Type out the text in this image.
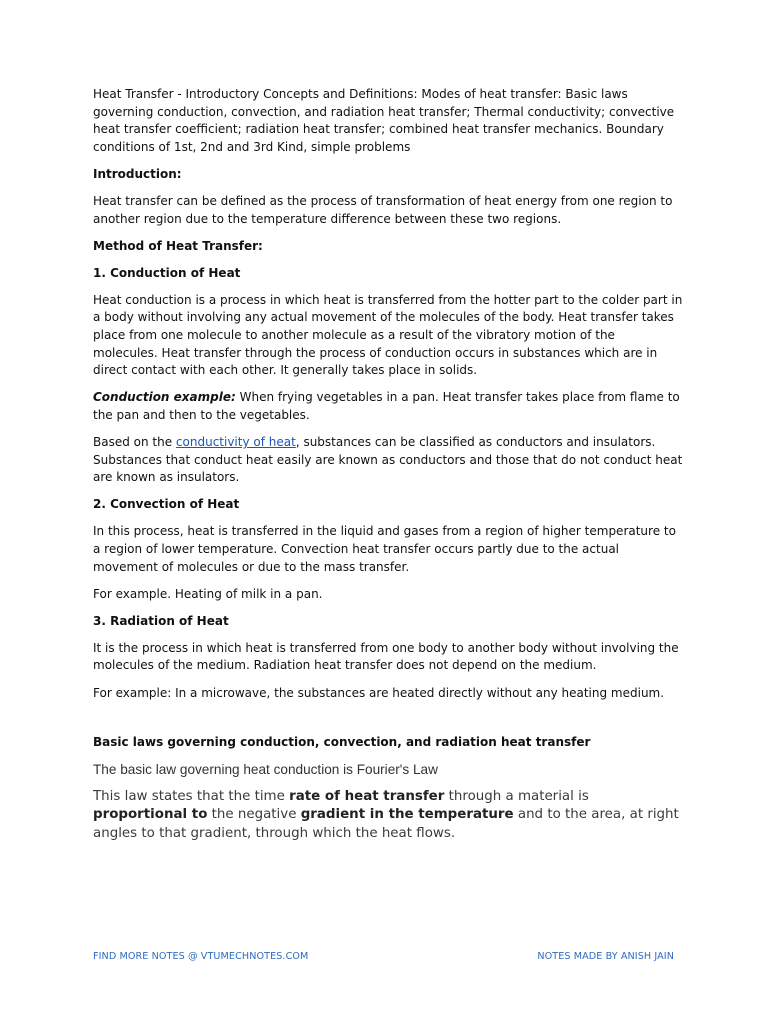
Heat Transfer - Introductory Concepts and Definitions: Modes of heat transfer: Basic laws governing conduction, convection, and radiation heat transfer; Thermal conductivity; convective heat transfer coefficient; radiation heat transfer; combined heat transfer mechanics. Boundary conditions of 1st, 2nd and 3rd Kind, simple problems

Introduction:

Heat transfer can be defined as the process of transformation of heat energy from one region to another region due to the temperature difference between these two regions.

Method of Heat Transfer:

1. Conduction of Heat

Heat conduction is a process in which heat is transferred from the hotter part to the colder part in a body without involving any actual movement of the molecules of the body. Heat transfer takes place from one molecule to another molecule as a result of the vibratory motion of the molecules. Heat transfer through the process of conduction occurs in substances which are in direct contact with each other. It generally takes place in solids.

Conduction example: When frying vegetables in a pan. Heat transfer takes place from flame to the pan and then to the vegetables.

Based on the conductivity of heat, substances can be classified as conductors and insulators. Substances that conduct heat easily are known as conductors and those that do not conduct heat are known as insulators.

2. Convection of Heat

In this process, heat is transferred in the liquid and gases from a region of higher temperature to a region of lower temperature. Convection heat transfer occurs partly due to the actual movement of molecules or due to the mass transfer.

For example. Heating of milk in a pan.

3. Radiation of Heat

It is the process in which heat is transferred from one body to another body without involving the molecules of the medium. Radiation heat transfer does not depend on the medium.

For example: In a microwave, the substances are heated directly without any heating medium.

Basic laws governing conduction, convection, and radiation heat transfer

The basic law governing heat conduction is Fourier's Law

This law states that the time rate of heat transfer through a material is proportional to the negative gradient in the temperature and to the area, at right angles to that gradient, through which the heat flows.

FIND MORE NOTES @ VTUMECHNOTES.COM	NOTES MADE BY ANISH JAIN
